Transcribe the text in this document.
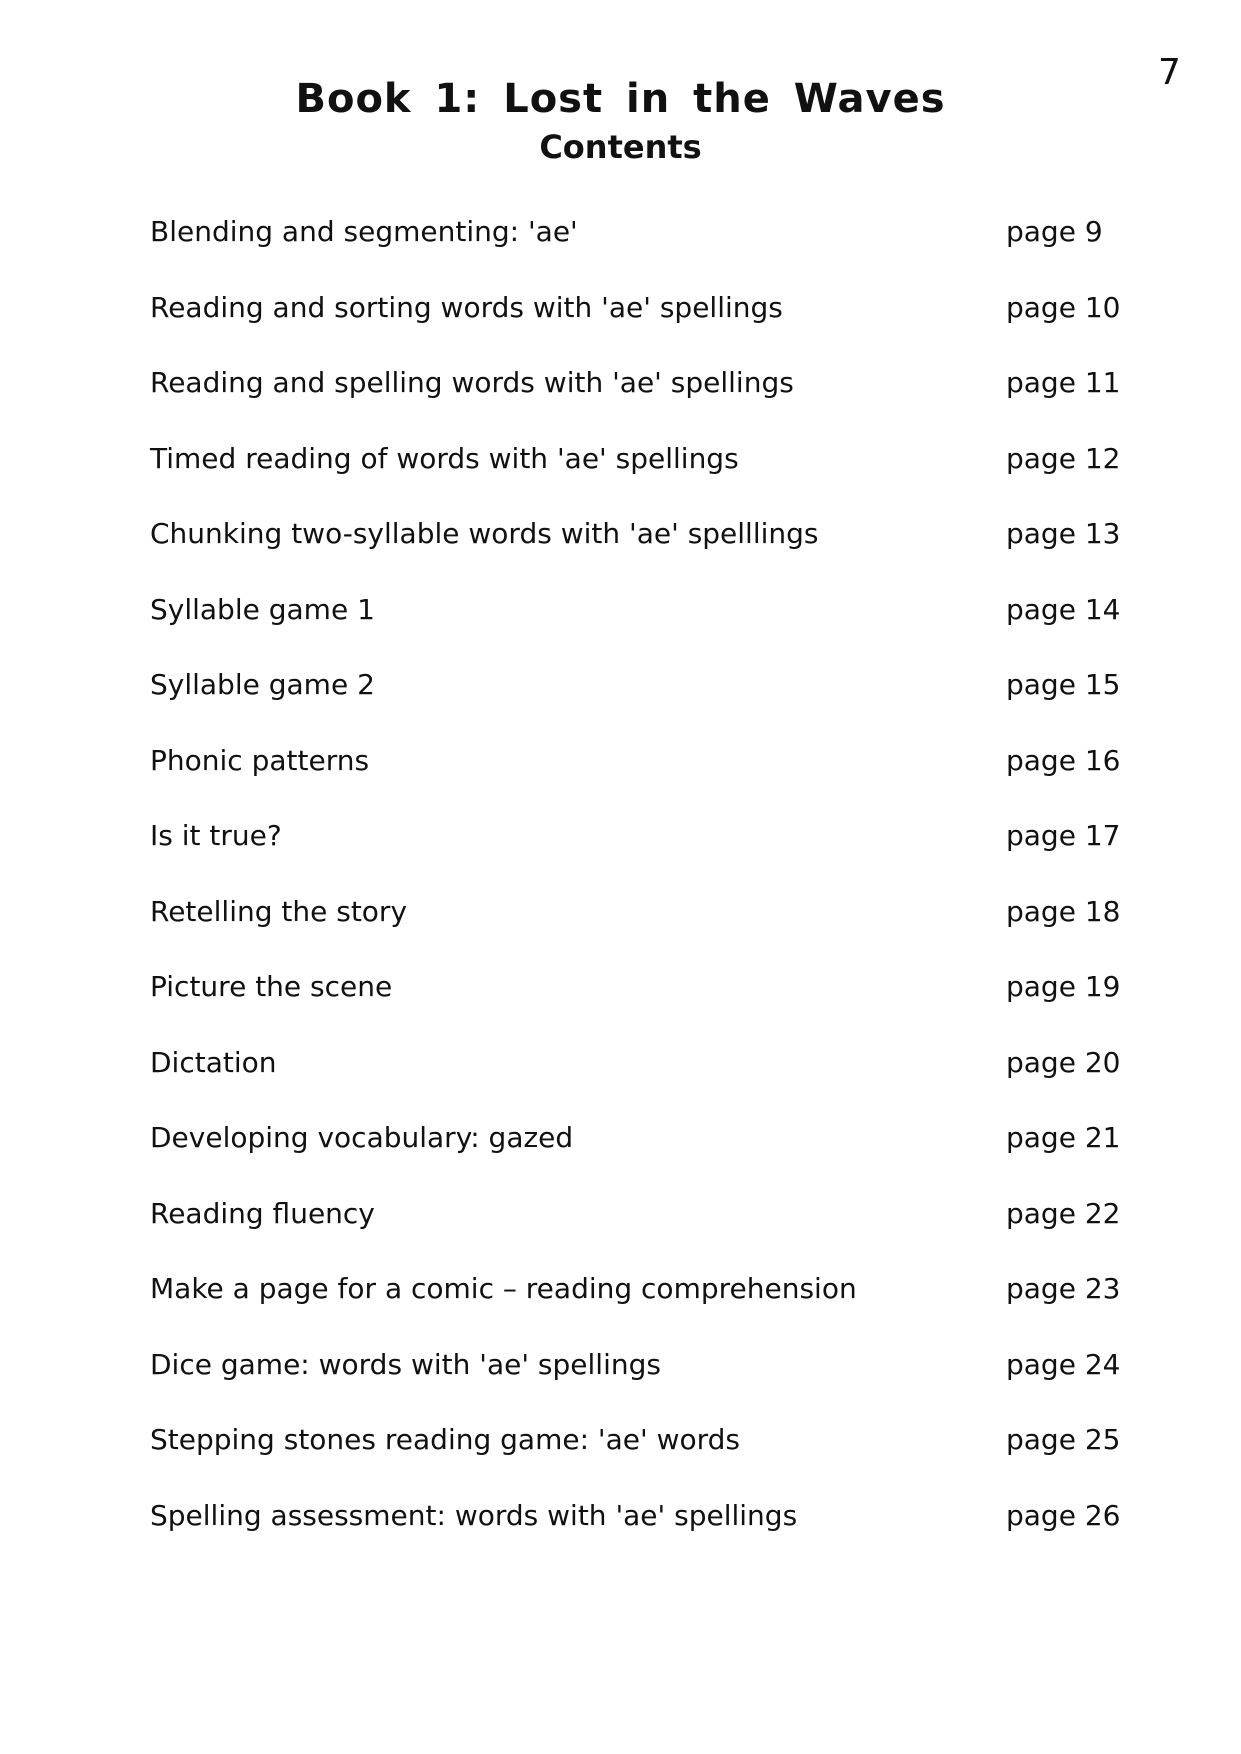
7
Book 1: Lost in the Waves
Contents
Blending and segmenting: 'ae'	page 9
Reading and sorting words with 'ae' spellings	page 10
Reading and spelling words with 'ae' spellings	page 11
Timed reading of words with 'ae' spellings	page 12
Chunking two-syllable words with 'ae' spelllings	page 13
Syllable game 1	page 14
Syllable game 2	page 15
Phonic patterns	page 16
Is it true?	page 17
Retelling the story	page 18
Picture the scene	page 19
Dictation	page 20
Developing vocabulary: gazed	page 21
Reading fluency	page 22
Make a page for a comic – reading comprehension	page 23
Dice game: words with 'ae' spellings	page 24
Stepping stones reading game: 'ae' words	page 25
Spelling assessment: words with 'ae' spellings	page 26
